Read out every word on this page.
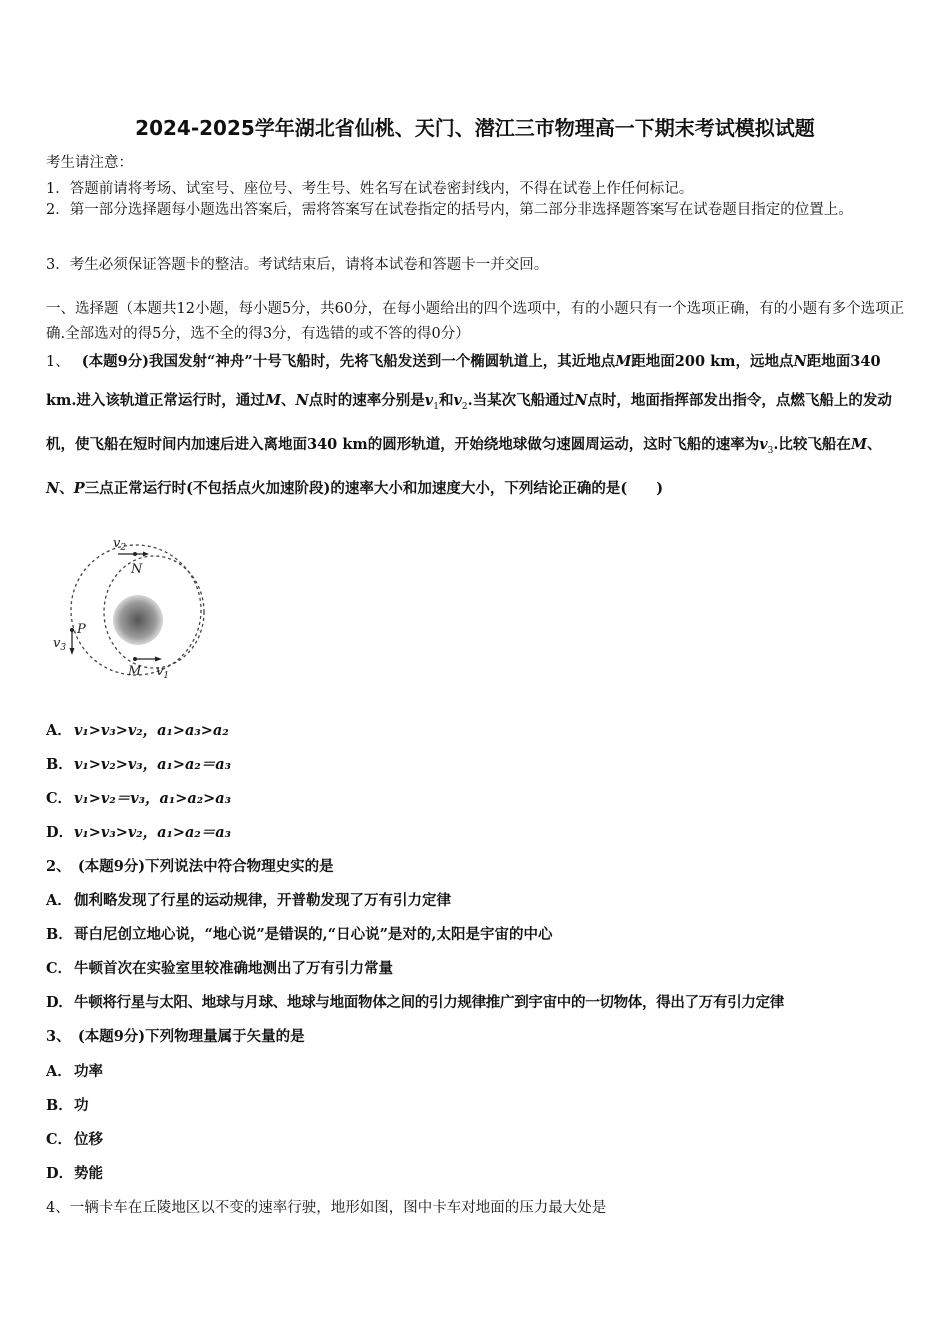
2024-2025学年湖北省仙桃、天门、潜江三市物理高一下期末考试模拟试题
考生请注意：
1．答题前请将考场、试室号、座位号、考生号、姓名写在试卷密封线内，不得在试卷上作任何标记。
2．第一部分选择题每小题选出答案后，需将答案写在试卷指定的括号内，第二部分非选择题答案写在试卷题目指定的位置上。
3．考生必须保证答题卡的整洁。考试结束后，请将本试卷和答题卡一并交回。
一、选择题（本题共12小题，每小题5分，共60分，在每小题给出的四个选项中，有的小题只有一个选项正确，有的小题有多个选项正确.全部选对的得5分，选不全的得3分，有选错的或不答的得0分）
1、 (本题9分)我国发射“神舟”十号飞船时，先将飞船发送到一个椭圆轨道上，其近地点M距地面200 km，远地点N距地面340 km.进入该轨道正常运行时，通过M、N点时的速率分别是$v_1$和$v_2$.当某次飞船通过N点时，地面指挥部发出指令，点燃飞船上的发动机，使飞船在短时间内加速后进入离地面340 km的圆形轨道，开始绕地球做匀速圆周运动，这时飞船的速率为$v_3$.比较飞船在M、N、P三点正常运行时(不包括点火加速阶段)的速率大小和加速度大小，下列结论正确的是(　　)
$v_2$
N
P
$v_3$
M $v_1$
A． v₁>v₃>v₂，a₁>a₃>a₂
B．v₁>v₂>v₃，a₁>a₂＝a₃
C． v₁>v₂＝v₃，a₁>a₂>a₃
D．v₁>v₃>v₂，a₁>a₂＝a₃
2、　(本题9分)下列说法中符合物理史实的是
A． 伽利略发现了行星的运动规律，开普勒发现了万有引力定律
B．哥白尼创立地心说，“地心说”是错误的,“日心说”是对的,太阳是宇宙的中心
C． 牛顿首次在实验室里较准确地测出了万有引力常量
D． 牛顿将行星与太阳、地球与月球、地球与地面物体之间的引力规律推广到宇宙中的一切物体，得出了万有引力定律
3、　(本题9分)下列物理量属于矢量的是
A． 功率
B．功
C． 位移
D．势能
4、一辆卡车在丘陵地区以不变的速率行驶，地形如图，图中卡车对地面的压力最大处是
